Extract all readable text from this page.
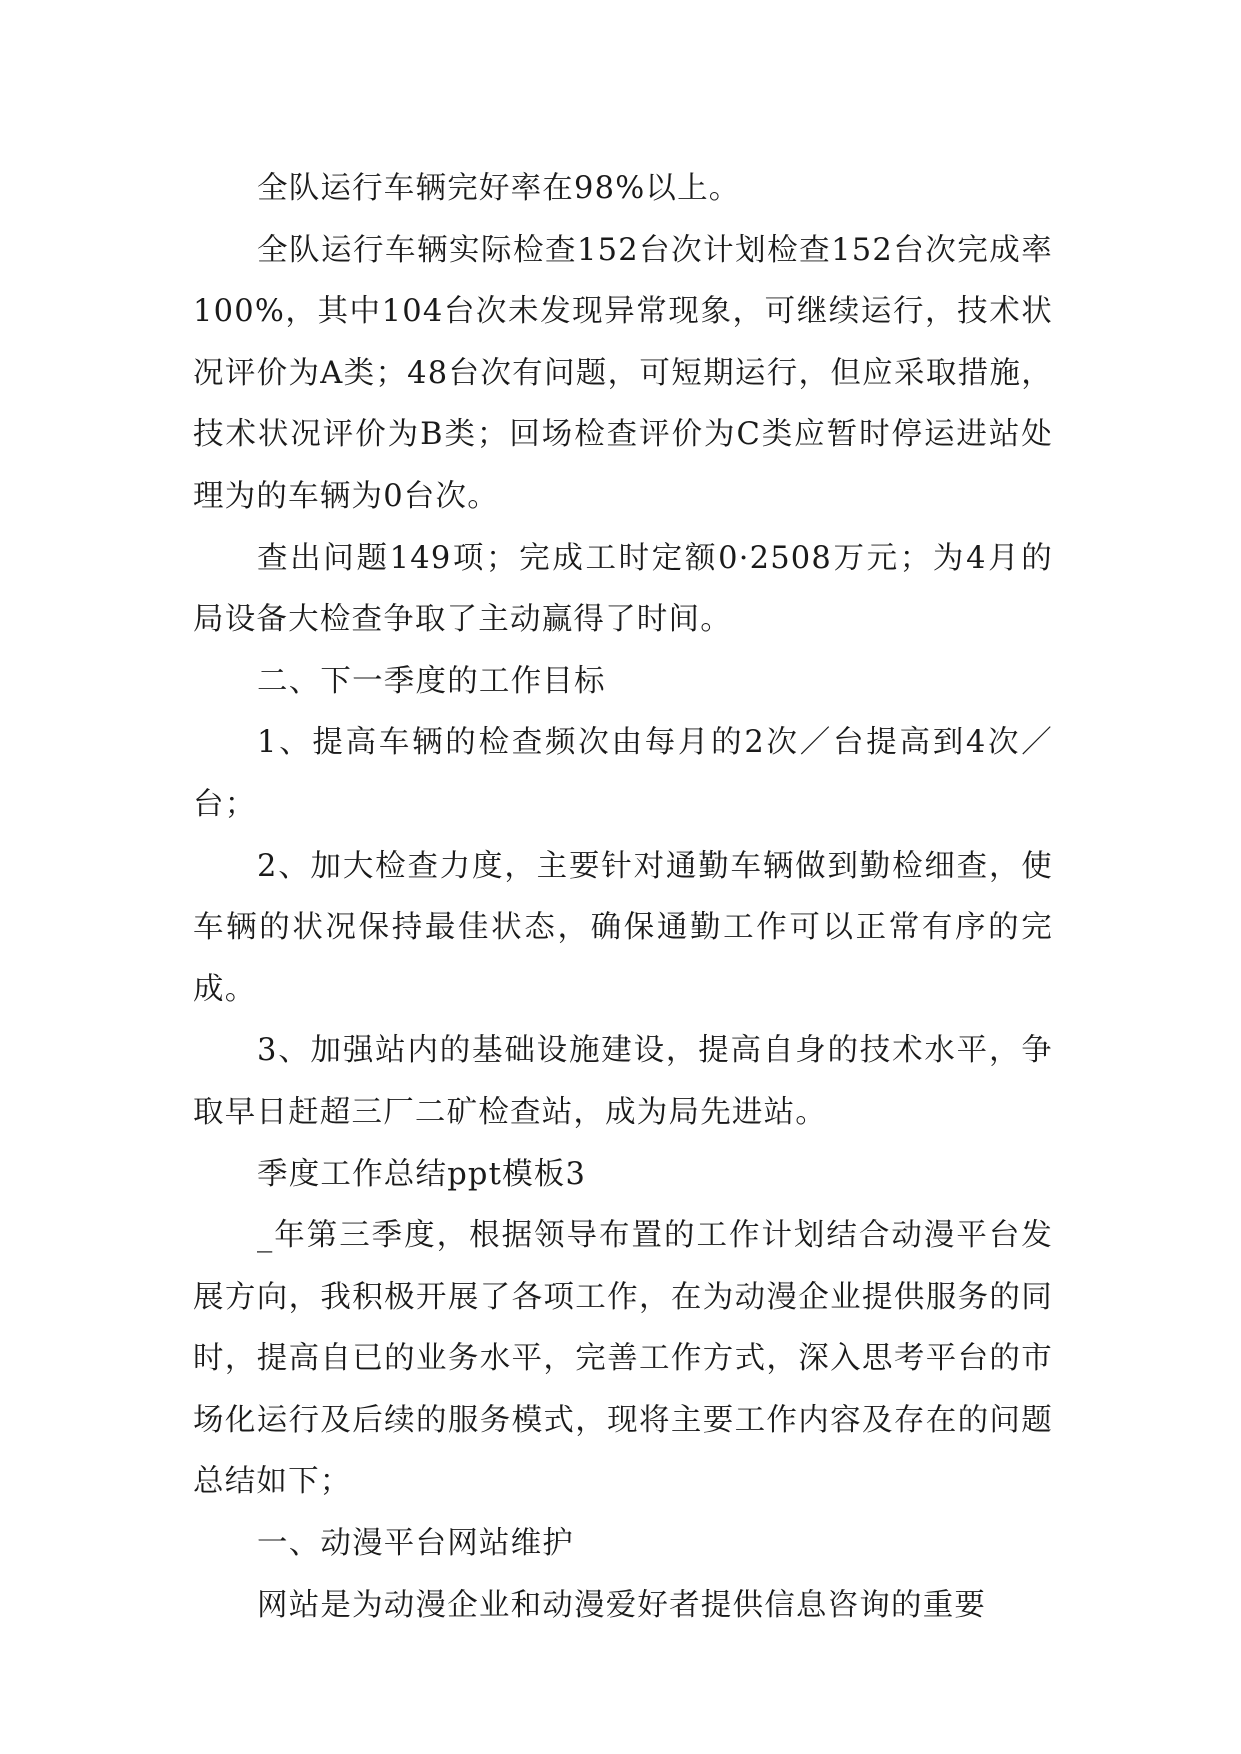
全队运行车辆完好率在98%以上。

全队运行车辆实际检查152台次计划检查152台次完成率100%，其中104台次未发现异常现象，可继续运行，技术状况评价为A类；48台次有问题，可短期运行，但应采取措施，技术状况评价为B类；回场检查评价为C类应暂时停运进站处理为的车辆为0台次。

查出问题149项；完成工时定额0·2508万元；为4月的局设备大检查争取了主动赢得了时间。

二、下一季度的工作目标

1、提高车辆的检查频次由每月的2次／台提高到4次／台；

2、加大检查力度，主要针对通勤车辆做到勤检细查，使车辆的状况保持最佳状态，确保通勤工作可以正常有序的完成。

3、加强站内的基础设施建设，提高自身的技术水平，争取早日赶超三厂二矿检查站，成为局先进站。

季度工作总结ppt模板3

_年第三季度，根据领导布置的工作计划结合动漫平台发展方向，我积极开展了各项工作，在为动漫企业提供服务的同时，提高自已的业务水平，完善工作方式，深入思考平台的市场化运行及后续的服务模式，现将主要工作内容及存在的问题总结如下；

一、动漫平台网站维护

网站是为动漫企业和动漫爱好者提供信息咨询的重要
